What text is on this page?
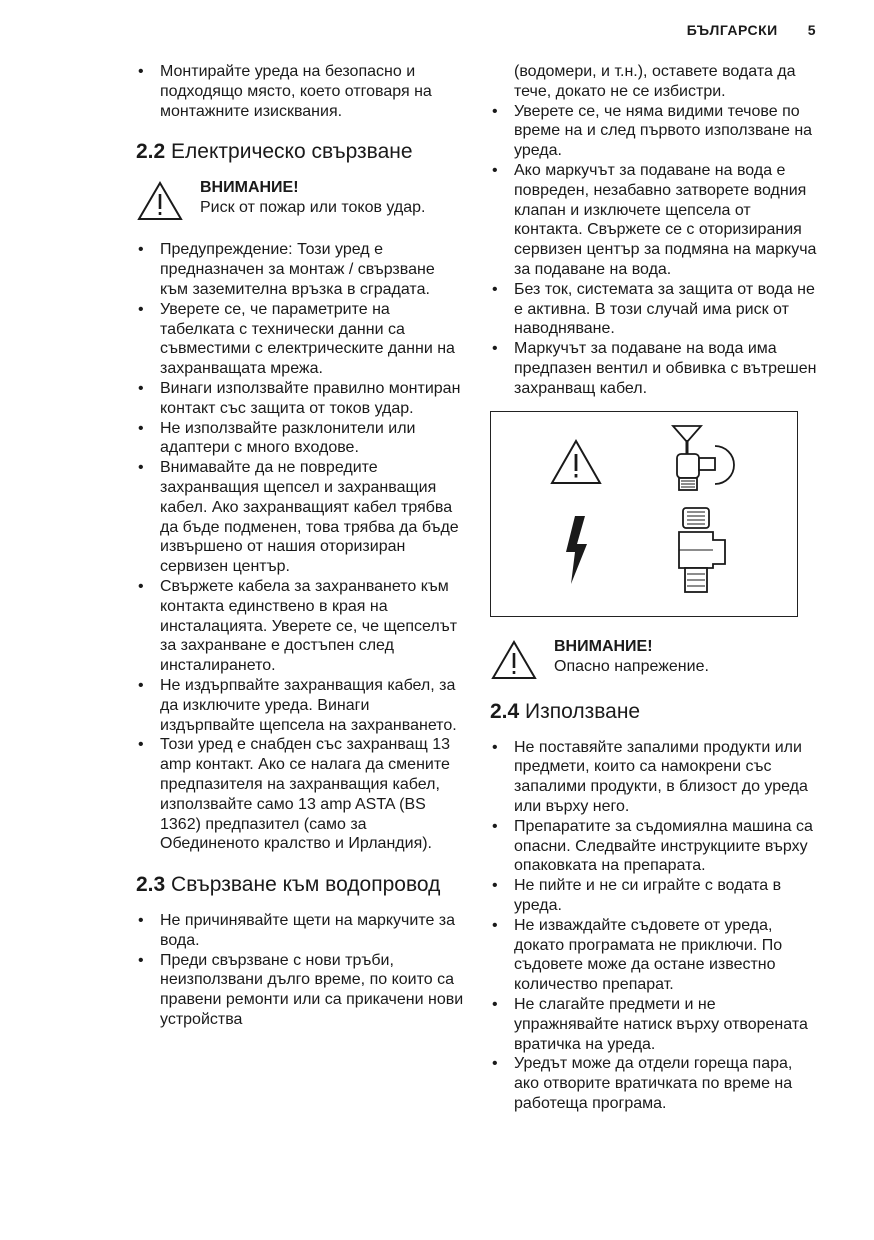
БЪЛГАРСКИ 5
• Монтирайте уреда на безопасно и подходящо място, което отговаря на монтажните изисквания.
2.2 Електрическо свързване
ВНИМАНИЕ!
Риск от пожар или токов удар.
• Предупреждение: Този уред е предназначен за монтаж / свързване към заземителна връзка в сградата.
• Уверете се, че параметрите на табелката с технически данни са съвместими с електрическите данни на захранващата мрежа.
• Винаги използвайте правилно монтиран контакт със защита от токов удар.
• Не използвайте разклонители или адаптери с много входове.
• Внимавайте да не повредите захранващия щепсел и захранващия кабел. Ако захранващият кабел трябва да бъде подменен, това трябва да бъде извършено от нашия оторизиран сервизен център.
• Свържете кабела за захранването към контакта единствено в края на инсталацията. Уверете се, че щепселът за захранване е достъпен след инсталирането.
• Не издърпвайте захранващия кабел, за да изключите уреда. Винаги издърпвайте щепсела на захранването.
• Този уред е снабден със захранващ 13 amp контакт. Ако се налага да смените предпазителя на захранващия кабел, използвайте само 13 amp ASTA (BS 1362) предпазител (само за Обединеното кралство и Ирландия).
2.3 Свързване към водопровод
• Не причинявайте щети на маркучите за вода.
• Преди свързване с нови тръби, неизползвани дълго време, по които са правени ремонти или са прикачени нови устройства
(водомери, и т.н.), оставете водата да тече, докато не се избистри.
• Уверете се, че няма видими течове по време на и след първото използване на уреда.
• Ако маркучът за подаване на вода е повреден, незабавно затворете водния клапан и изключете щепсела от контакта. Свържете се с оторизирания сервизен център за подмяна на маркуча за подаване на вода.
• Без ток, системата за защита от вода не е активна. В този случай има риск от наводняване.
• Маркучът за подаване на вода има предпазен вентил и обвивка с вътрешен захранващ кабел.
ВНИМАНИЕ!
Опасно напрежение.
2.4 Използване
• Не поставяйте запалими продукти или предмети, които са намокрени със запалими продукти, в близост до уреда или върху него.
• Препаратите за съдомиялна машина са опасни. Следвайте инструкциите върху опаковката на препарата.
• Не пийте и не си играйте с водата в уреда.
• Не изваждайте съдовете от уреда, докато програмата не приключи. По съдовете може да остане известно количество препарат.
• Не слагайте предмети и не упражнявайте натиск върху отворената вратичка на уреда.
• Уредът може да отдели гореща пара, ако отворите вратичката по време на работеща програма.
